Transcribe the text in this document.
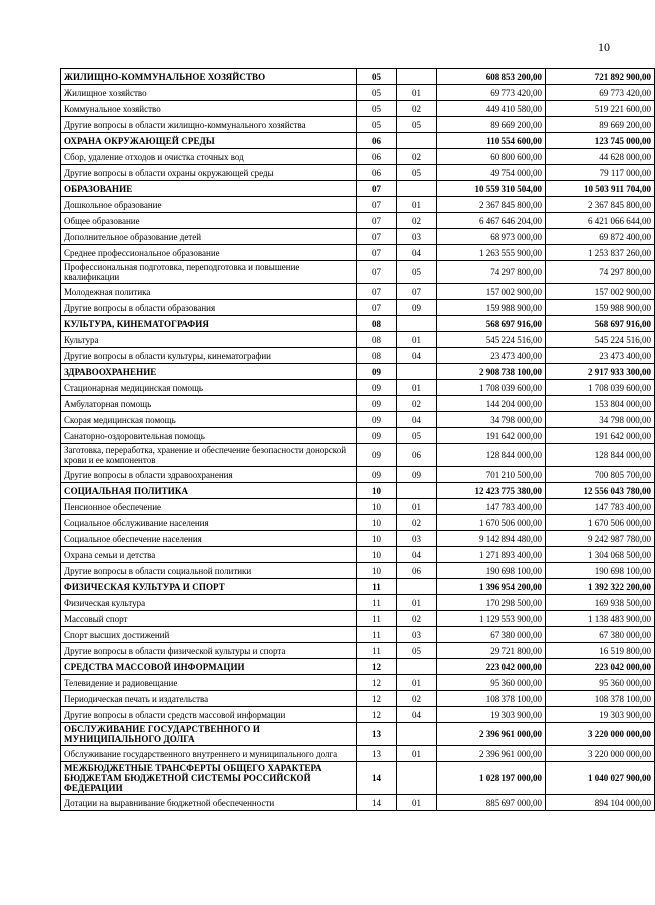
10
ЖИЛИЩНО-КОММУНАЛЬНОЕ ХОЗЯЙСТВО	05		608 853 200,00	721 892 900,00
Жилищное хозяйство	05	01	69 773 420,00	69 773 420,00
Коммунальное хозяйство	05	02	449 410 580,00	519 221 600,00
Другие вопросы в области жилищно-коммунального хозяйства	05	05	89 669 200,00	89 669 200,00
ОХРАНА ОКРУЖАЮЩЕЙ СРЕДЫ	06		110 554 600,00	123 745 000,00
Сбор, удаление отходов и очистка сточных вод	06	02	60 800 600,00	44 628 000,00
Другие вопросы в области охраны окружающей среды	06	05	49 754 000,00	79 117 000,00
ОБРАЗОВАНИЕ	07		10 559 310 504,00	10 503 911 704,00
Дошкольное образование	07	01	2 367 845 800,00	2 367 845 800,00
Общее образование	07	02	6 467 646 204,00	6 421 066 644,00
Дополнительное образование детей	07	03	68 973 000,00	69 872 400,00
Среднее профессиональное образование	07	04	1 263 555 900,00	1 253 837 260,00
Профессиональная подготовка, переподготовка и повышение квалификации	07	05	74 297 800,00	74 297 800,00
Молодежная политика	07	07	157 002 900,00	157 002 900,00
Другие вопросы в области образования	07	09	159 988 900,00	159 988 900,00
КУЛЬТУРА, КИНЕМАТОГРАФИЯ	08		568 697 916,00	568 697 916,00
Культура	08	01	545 224 516,00	545 224 516,00
Другие вопросы в области культуры, кинематографии	08	04	23 473 400,00	23 473 400,00
ЗДРАВООХРАНЕНИЕ	09		2 908 738 100,00	2 917 933 300,00
Стационарная медицинская помощь	09	01	1 708 039 600,00	1 708 039 600,00
Амбулаторная помощь	09	02	144 204 000,00	153 804 000,00
Скорая медицинская помощь	09	04	34 798 000,00	34 798 000,00
Санаторно-оздоровительная помощь	09	05	191 642 000,00	191 642 000,00
Заготовка, переработка, хранение и обеспечение безопасности донорской крови и ее компонентов	09	06	128 844 000,00	128 844 000,00
Другие вопросы в области здравоохранения	09	09	701 210 500,00	700 805 700,00
СОЦИАЛЬНАЯ ПОЛИТИКА	10		12 423 775 380,00	12 556 043 780,00
Пенсионное обеспечение	10	01	147 783 400,00	147 783 400,00
Социальное обслуживание населения	10	02	1 670 506 000,00	1 670 506 000,00
Социальное обеспечение населения	10	03	9 142 894 480,00	9 242 987 780,00
Охрана семьи и детства	10	04	1 271 893 400,00	1 304 068 500,00
Другие вопросы в области социальной политики	10	06	190 698 100,00	190 698 100,00
ФИЗИЧЕСКАЯ КУЛЬТУРА И СПОРТ	11		1 396 954 200,00	1 392 322 200,00
Физическая культура	11	01	170 298 500,00	169 938 500,00
Массовый спорт	11	02	1 129 553 900,00	1 138 483 900,00
Спорт высших достижений	11	03	67 380 000,00	67 380 000,00
Другие вопросы в области физической культуры и спорта	11	05	29 721 800,00	16 519 800,00
СРЕДСТВА МАССОВОЙ ИНФОРМАЦИИ	12		223 042 000,00	223 042 000,00
Телевидение и радиовещание	12	01	95 360 000,00	95 360 000,00
Периодическая печать и издательства	12	02	108 378 100,00	108 378 100,00
Другие вопросы в области средств массовой информации	12	04	19 303 900,00	19 303 900,00
ОБСЛУЖИВАНИЕ ГОСУДАРСТВЕННОГО И МУНИЦИПАЛЬНОГО ДОЛГА	13		2 396 961 000,00	3 220 000 000,00
Обслуживание государственного внутреннего и муниципального долга	13	01	2 396 961 000,00	3 220 000 000,00
МЕЖБЮДЖЕТНЫЕ ТРАНСФЕРТЫ ОБЩЕГО ХАРАКТЕРА БЮДЖЕТАМ БЮДЖЕТНОЙ СИСТЕМЫ РОССИЙСКОЙ ФЕДЕРАЦИИ	14		1 028 197 000,00	1 040 027 900,00
Дотации на выравнивание бюджетной обеспеченности	14	01	885 697 000,00	894 104 000,00
